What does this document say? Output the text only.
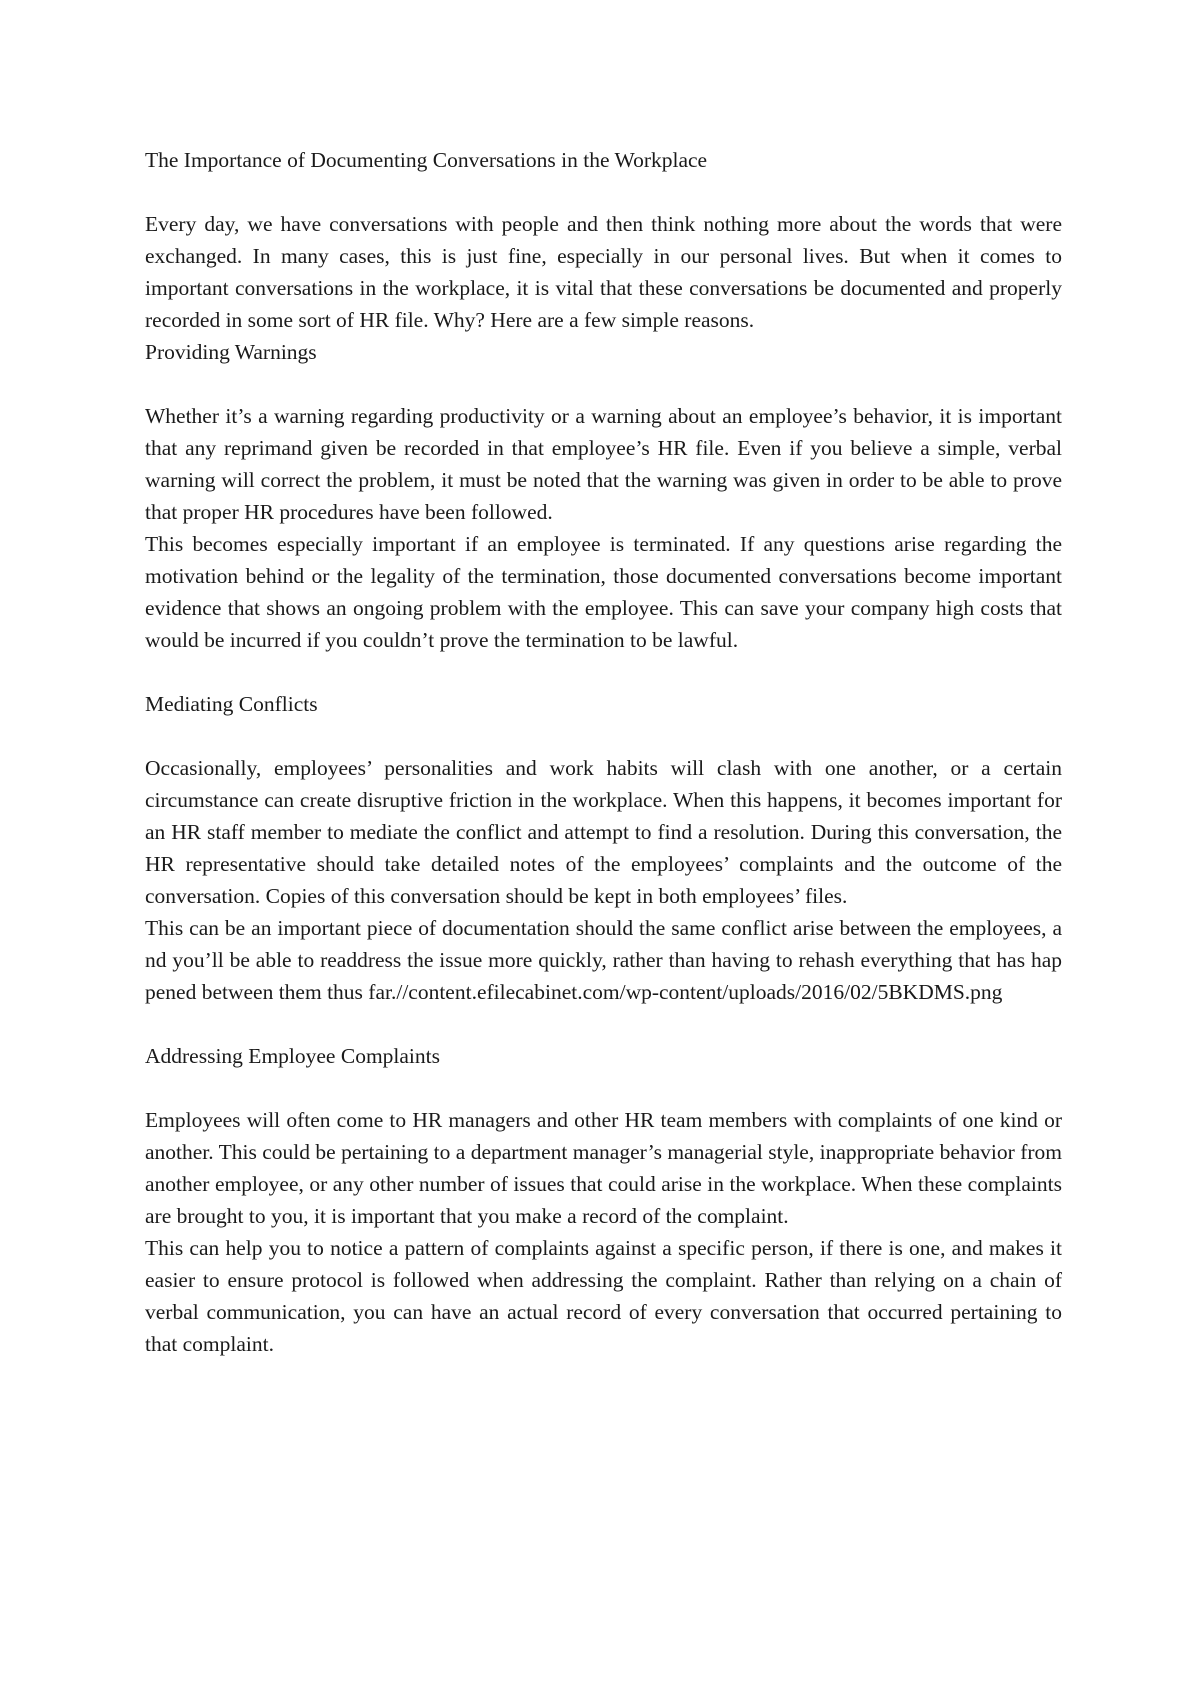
The Importance of Documenting Conversations in the Workplace

Every day, we have conversations with people and then think nothing more about the words that were exchanged. In many cases, this is just fine, especially in our personal lives. But when it comes to important conversations in the workplace, it is vital that these conversations be documented and properly recorded in some sort of HR file. Why? Here are a few simple reasons.

Providing Warnings

Whether it’s a warning regarding productivity or a warning about an employee’s behavior, it is important that any reprimand given be recorded in that employee’s HR file. Even if you believe a simple, verbal warning will correct the problem, it must be noted that the warning was given in order to be able to prove that proper HR procedures have been followed.

This becomes especially important if an employee is terminated. If any questions arise regarding the motivation behind or the legality of the termination, those documented conversations become important evidence that shows an ongoing problem with the employee. This can save your company high costs that would be incurred if you couldn’t prove the termination to be lawful.

Mediating Conflicts

Occasionally, employees’ personalities and work habits will clash with one another, or a certain circumstance can create disruptive friction in the workplace. When this happens, it becomes important for an HR staff member to mediate the conflict and attempt to find a resolution. During this conversation, the HR representative should take detailed notes of the employees’ complaints and the outcome of the conversation. Copies of this conversation should be kept in both employees’ files.

This can be an important piece of documentation should the same conflict arise between the employees, and you’ll be able to readdress the issue more quickly, rather than having to rehash everything that has happened between them thus far.//content.efilecabinet.com/wp-content/uploads/2016/02/5BKDMS.png

Addressing Employee Complaints

Employees will often come to HR managers and other HR team members with complaints of one kind or another. This could be pertaining to a department manager’s managerial style, inappropriate behavior from another employee, or any other number of issues that could arise in the workplace. When these complaints are brought to you, it is important that you make a record of the complaint.

This can help you to notice a pattern of complaints against a specific person, if there is one, and makes it easier to ensure protocol is followed when addressing the complaint. Rather than relying on a chain of verbal communication, you can have an actual record of every conversation that occurred pertaining to that complaint.
